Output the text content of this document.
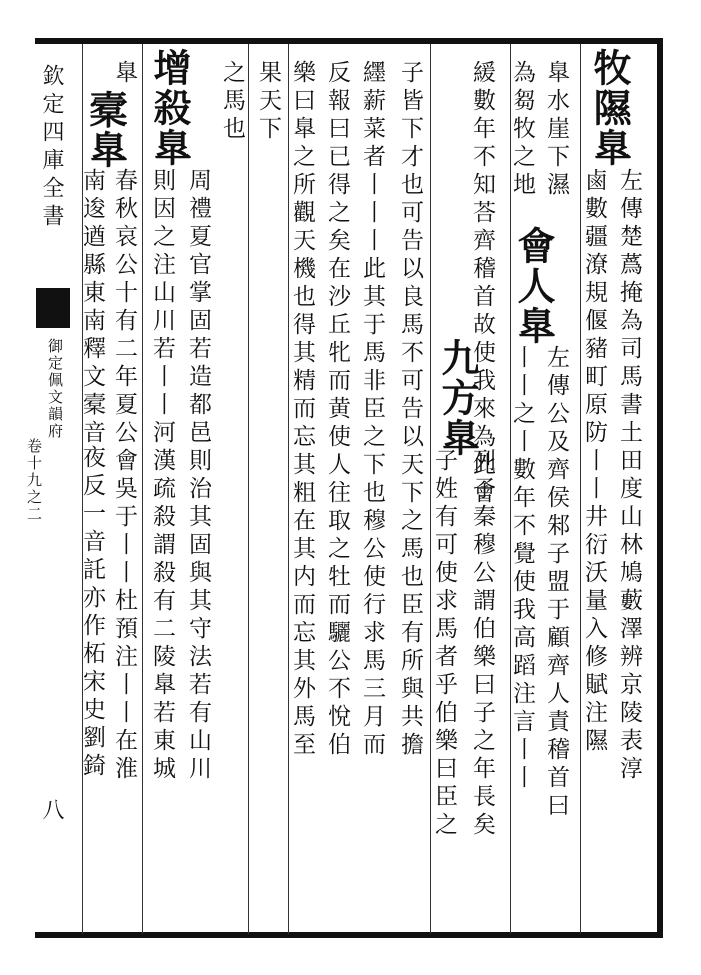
欽定四庫全書
御定佩文韻府
卷十九之二
八
牧隰臯
左傳楚蔿掩為司馬書土田度山林鳩藪澤辨京陵表淳
鹵數疆潦規偃豬町原防丨丨井衍沃量入修賦注隰
臯水崖下濕
為芻牧之地
會人臯
左傳公及齊侯邾子盟于顧齊人責稽首曰
丨丨之丨數年不覺使我高蹈注言丨丨
緩數年不知荅齊稽首故使我來為此會
九方臯
列子秦穆公謂伯樂曰子之年長矣
子姓有可使求馬者乎伯樂曰臣之
子皆下才也可告以良馬不可告以天下之馬也臣有所與共擔
纆薪菜者丨丨丨此其于馬非臣之下也穆公使行求馬三月而
反報曰已得之矣在沙丘牝而黄使人往取之牡而驪公不悅伯
樂曰臯之所觀天機也得其精而忘其粗在其内而忘其外馬至
果天下
之馬也
增殺臯
周禮夏官掌固若造都邑則治其固與其守法若有山川
則因之注山川若丨丨河漢疏殺謂殺有二陵臯若東城
臯
槖臯
春秋哀公十有二年夏公會吳于丨丨杜預注丨丨在淮
南逡遒縣東南釋文槖音
夜反一音託亦作柘宋史劉錡
